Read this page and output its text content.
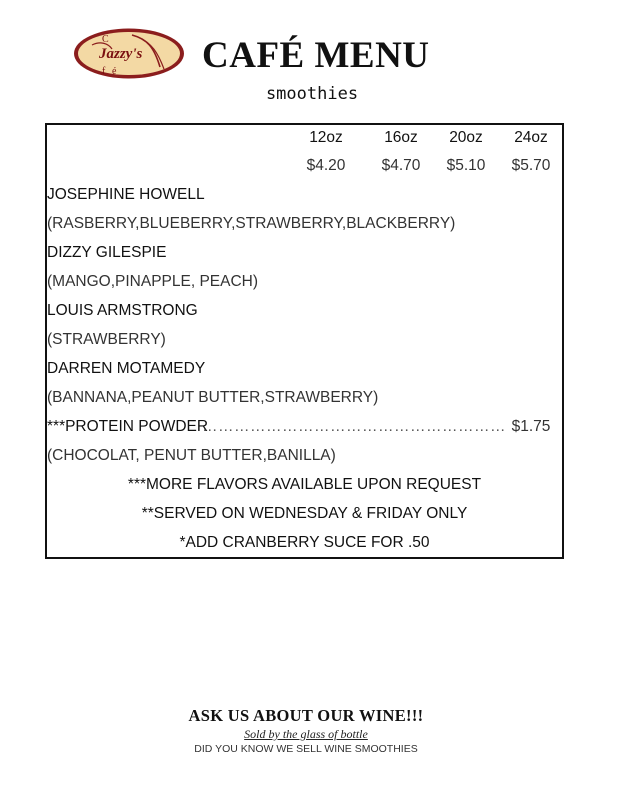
C
f é
Jazzy's CAFÉ MENU
smoothies
12oz	16oz	20oz	24oz
$4.20	$4.70	$5.10	$5.70
JOSEPHINE HOWELL
(RASBERRY,BLUEBERRY,STRAWBERRY,BLACKBERRY)
DIZZY GILESPIE
(MANGO,PINAPPLE, PEACH)
LOUIS ARMSTRONG
(STRAWBERRY)
DARREN MOTAMEDY
(BANNANA,PEANUT BUTTER,STRAWBERRY)
***PROTEIN POWDER
………………………………………………… $1.75
(CHOCOLAT, PENUT BUTTER,BANILLA)
***MORE FLAVORS AVAILABLE UPON REQUEST
**SERVED ON WEDNESDAY & FRIDAY ONLY
*ADD CRANBERRY SUCE FOR .50
ASK US ABOUT OUR WINE!!!
Sold by the glass of bottle
DID YOU KNOW WE SELL WINE SMOOTHIES
